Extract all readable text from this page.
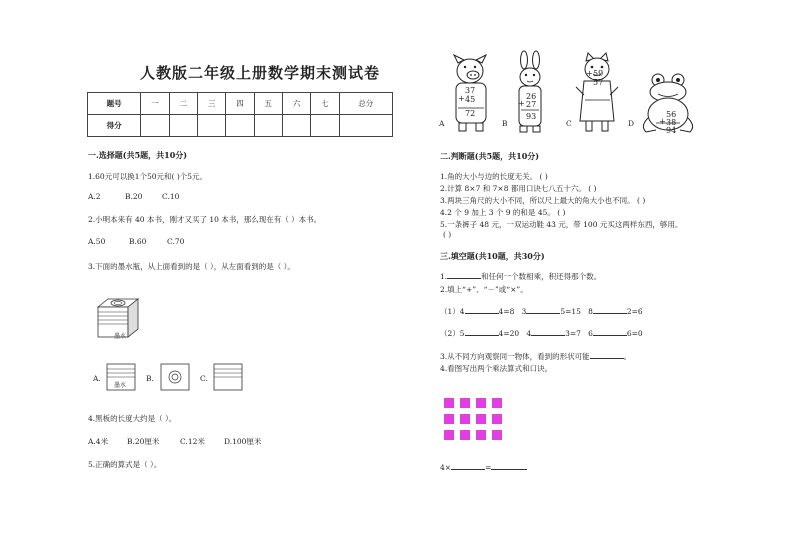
人教版二年级上册数学期末测试卷
题号	一	二	三	四	五	六	七	总分
得分								
一.选择题(共5题，共10分)
1.60元可以换1个50元和( )个5元。
A.2	B.20	C.10
2.小明本来有 40 本书，刚才又买了 10 本书，那么现在有（ ）本书。
A.50	B.60	C.70
3.下面的墨水瓶，从上面看到的是（ ），从左面看到的是（ ）。
墨水
A.
墨水
B.	C.
4.黑板的长度大约是（ ）。
A.4米	B.20厘米	C.12米	D.100厘米
5.正确的算式是（ ）。
37
+ 45
72
A
26
+ 27
93
B
59
+
57
C
56
+ 38
94
D
二.判断题(共5题，共10分)
1.角的大小与边的长度无关。 ( )
2.计算 8×7 和 7×8 都用口诀七八五十六。 ( )
3.两块三角尺的大小不同，所以尺上最大的角大小也不同。 ( )
4.2 个 9 加上 3 个 9 的和是 45。 ( )
5.一条裤子 48 元，一双运动鞋 43 元，带 100 元买这两样东西，够用。
( )
三.填空题(共10题，共30分)
1.	和任何一个数相乘，积还得那个数。
2.填上“+”、“－”或“×”。
（1）4	4=8 3	5=15 8	2=6
（2）5	4=20 4	3=7 6	6=0
3.从不同方向观察同一物体，看到的形状可能	。
4.看图写出两个乘法算式和口诀。
4×	=
